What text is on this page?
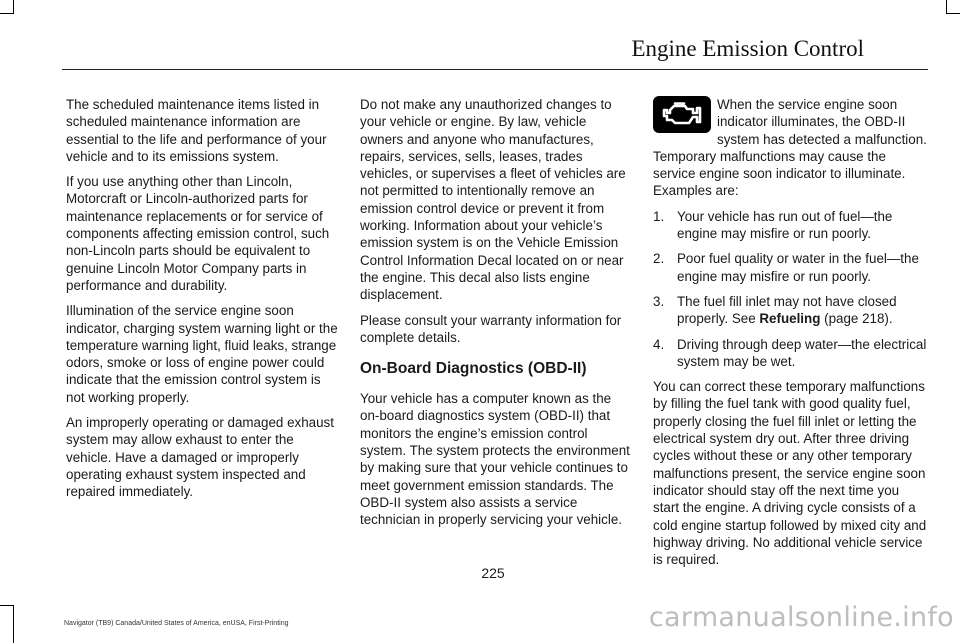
Engine Emission Control

The scheduled maintenance items listed in scheduled maintenance information are essential to the life and performance of your vehicle and to its emissions system.

If you use anything other than Lincoln, Motorcraft or Lincoln-authorized parts for maintenance replacements or for service of components affecting emission control, such non-Lincoln parts should be equivalent to genuine Lincoln Motor Company parts in performance and durability.

Illumination of the service engine soon indicator, charging system warning light or the temperature warning light, fluid leaks, strange odors, smoke or loss of engine power could indicate that the emission control system is not working properly.

An improperly operating or damaged exhaust system may allow exhaust to enter the vehicle. Have a damaged or improperly operating exhaust system inspected and repaired immediately.

Do not make any unauthorized changes to your vehicle or engine. By law, vehicle owners and anyone who manufactures, repairs, services, sells, leases, trades vehicles, or supervises a fleet of vehicles are not permitted to intentionally remove an emission control device or prevent it from working. Information about your vehicle’s emission system is on the Vehicle Emission Control Information Decal located on or near the engine. This decal also lists engine displacement.

Please consult your warranty information for complete details.

On-Board Diagnostics (OBD-II)

Your vehicle has a computer known as the on-board diagnostics system (OBD-II) that monitors the engine’s emission control system. The system protects the environment by making sure that your vehicle continues to meet government emission standards. The OBD-II system also assists a service technician in properly servicing your vehicle.

When the service engine soon indicator illuminates, the OBD-II system has detected a malfunction. Temporary malfunctions may cause the service engine soon indicator to illuminate. Examples are:

1. Your vehicle has run out of fuel—the engine may misfire or run poorly.
2. Poor fuel quality or water in the fuel—the engine may misfire or run poorly.
3. The fuel fill inlet may not have closed properly. See Refueling (page 218).
4. Driving through deep water—the electrical system may be wet.

You can correct these temporary malfunctions by filling the fuel tank with good quality fuel, properly closing the fuel fill inlet or letting the electrical system dry out. After three driving cycles without these or any other temporary malfunctions present, the service engine soon indicator should stay off the next time you start the engine. A driving cycle consists of a cold engine startup followed by mixed city and highway driving. No additional vehicle service is required.

225
Navigator (TB9) Canada/United States of America, enUSA, First-Printing	carmanualsonline.info
